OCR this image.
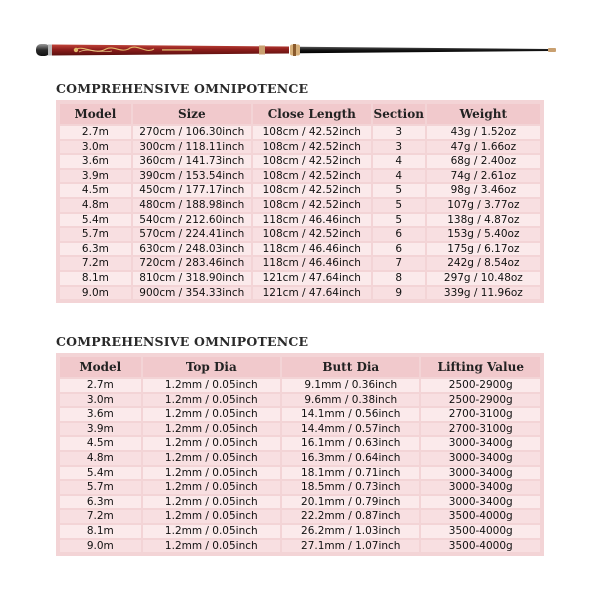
COMPREHENSIVE OMNIPOTENCE
Model	Size	Close Length	Section	Weight
2.7m	270cm / 106.30inch	108cm / 42.52inch	3	43g / 1.52oz
3.0m	300cm / 118.11inch	108cm / 42.52inch	3	47g / 1.66oz
3.6m	360cm / 141.73inch	108cm / 42.52inch	4	68g / 2.40oz
3.9m	390cm / 153.54inch	108cm / 42.52inch	4	74g / 2.61oz
4.5m	450cm / 177.17inch	108cm / 42.52inch	5	98g / 3.46oz
4.8m	480cm / 188.98inch	108cm / 42.52inch	5	107g / 3.77oz
5.4m	540cm / 212.60inch	118cm / 46.46inch	5	138g / 4.87oz
5.7m	570cm / 224.41inch	108cm / 42.52inch	6	153g / 5.40oz
6.3m	630cm / 248.03inch	118cm / 46.46inch	6	175g / 6.17oz
7.2m	720cm / 283.46inch	118cm / 46.46inch	7	242g / 8.54oz
8.1m	810cm / 318.90inch	121cm / 47.64inch	8	297g / 10.48oz
9.0m	900cm / 354.33inch	121cm / 47.64inch	9	339g / 11.96oz
COMPREHENSIVE OMNIPOTENCE
Model	Top Dia	Butt Dia	Lifting Value
2.7m	1.2mm / 0.05inch	9.1mm / 0.36inch	2500-2900g
3.0m	1.2mm / 0.05inch	9.6mm / 0.38inch	2500-2900g
3.6m	1.2mm / 0.05inch	14.1mm / 0.56inch	2700-3100g
3.9m	1.2mm / 0.05inch	14.4mm / 0.57inch	2700-3100g
4.5m	1.2mm / 0.05inch	16.1mm / 0.63inch	3000-3400g
4.8m	1.2mm / 0.05inch	16.3mm / 0.64inch	3000-3400g
5.4m	1.2mm / 0.05inch	18.1mm / 0.71inch	3000-3400g
5.7m	1.2mm / 0.05inch	18.5mm / 0.73inch	3000-3400g
6.3m	1.2mm / 0.05inch	20.1mm / 0.79inch	3000-3400g
7.2m	1.2mm / 0.05inch	22.2mm / 0.87inch	3500-4000g
8.1m	1.2mm / 0.05inch	26.2mm / 1.03inch	3500-4000g
9.0m	1.2mm / 0.05inch	27.1mm / 1.07inch	3500-4000g
